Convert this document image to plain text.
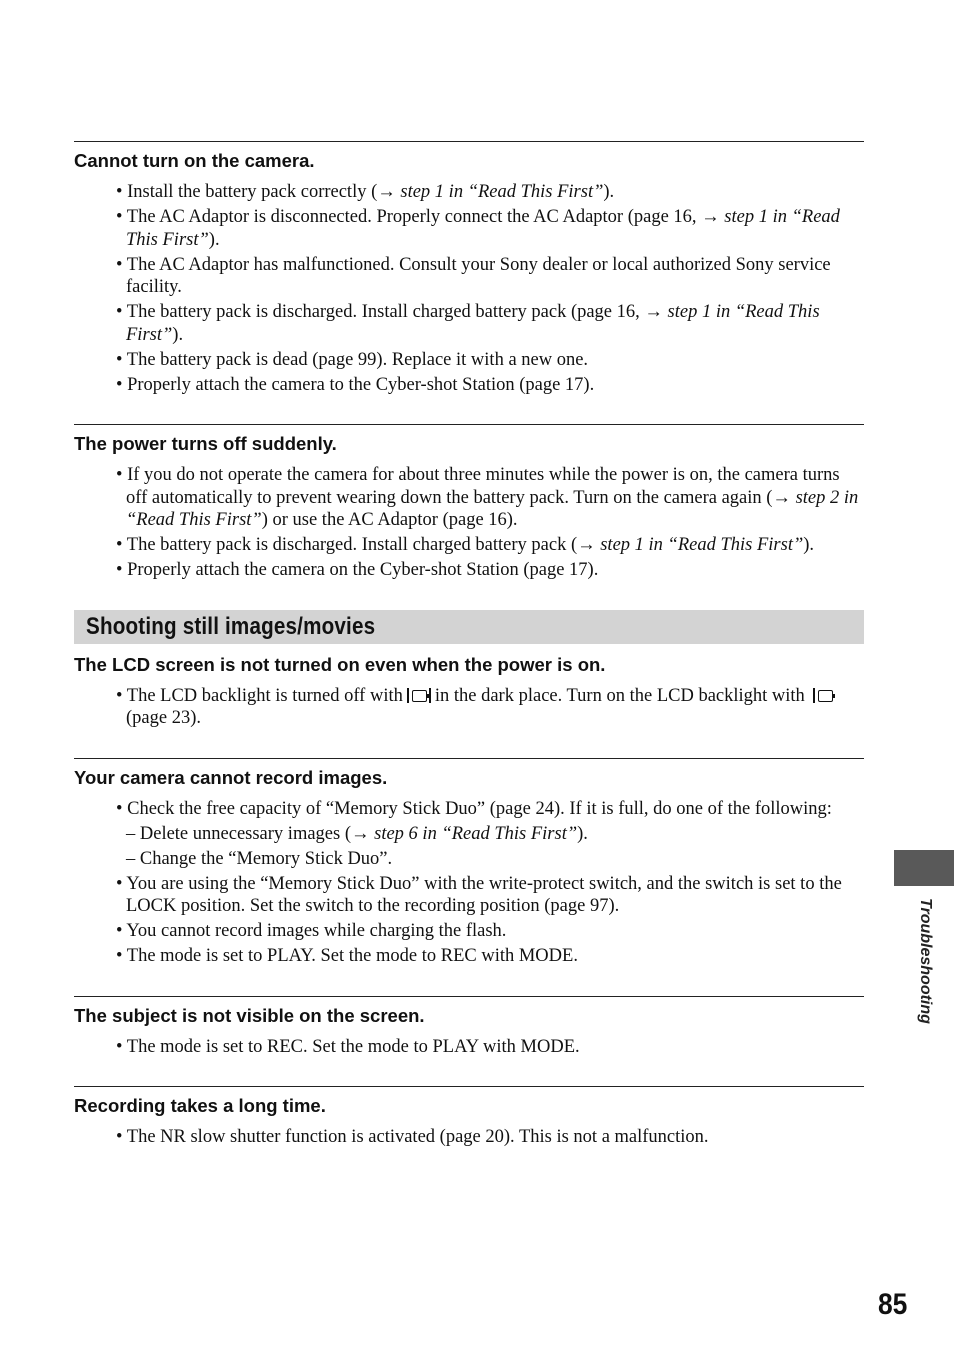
Cannot turn on the camera.
• Install the battery pack correctly (→ step 1 in “Read This First”).
• The AC Adaptor is disconnected. Properly connect the AC Adaptor (page 16, → step 1 in “Read This First”).
• The AC Adaptor has malfunctioned. Consult your Sony dealer or local authorized Sony service facility.
• The battery pack is discharged. Install charged battery pack (page 16, → step 1 in “Read This First”).
• The battery pack is dead (page 99). Replace it with a new one.
• Properly attach the camera to the Cyber-shot Station (page 17).
The power turns off suddenly.
• If you do not operate the camera for about three minutes while the power is on, the camera turns off automatically to prevent wearing down the battery pack. Turn on the camera again (→ step 2 in “Read This First”) or use the AC Adaptor (page 16).
• The battery pack is discharged. Install charged battery pack (→ step 1 in “Read This First”).
• Properly attach the camera on the Cyber-shot Station (page 17).
Shooting still images/movies
The LCD screen is not turned on even when the power is on.
• The LCD backlight is turned off with in the dark place. Turn on the LCD backlight with  (page 23).
Your camera cannot record images.
• Check the free capacity of “Memory Stick Duo” (page 24). If it is full, do one of the following:
– Delete unnecessary images (→ step 6 in “Read This First”).
– Change the “Memory Stick Duo”.
• You are using the “Memory Stick Duo” with the write-protect switch, and the switch is set to the LOCK position. Set the switch to the recording position (page 97).
• You cannot record images while charging the flash.
• The mode is set to PLAY. Set the mode to REC with MODE.
The subject is not visible on the screen.
• The mode is set to REC. Set the mode to PLAY with MODE.
Recording takes a long time.
• The NR slow shutter function is activated (page 20). This is not a malfunction.
Troubleshooting
85
